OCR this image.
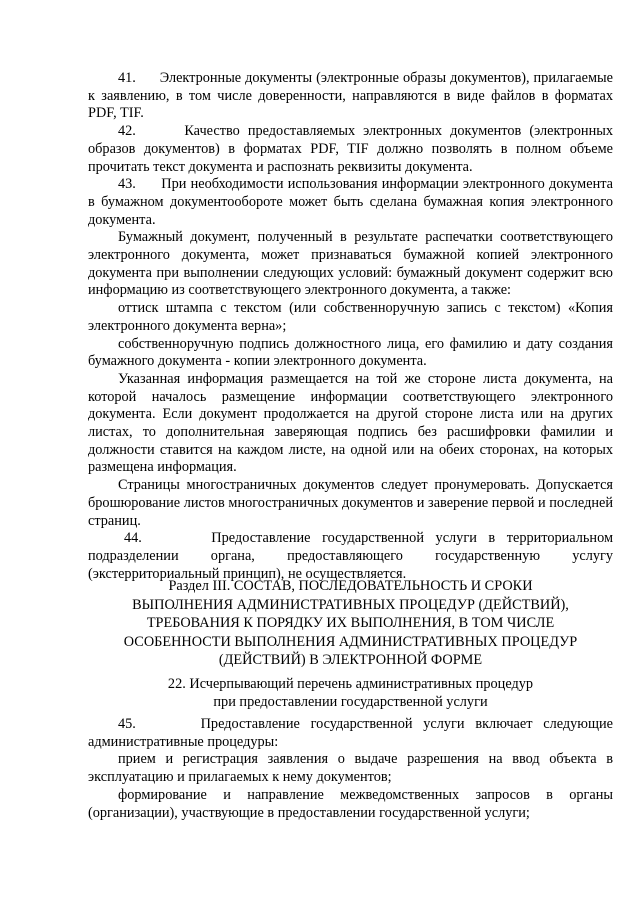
41.      Электронные документы (электронные образы документов), прилагаемые к заявлению, в том числе доверенности, направляются в виде файлов в форматах PDF, TIF.

42.      Качество предоставляемых электронных документов (электронных образов документов) в форматах PDF, TIF должно позволять в полном объеме прочитать текст документа и распознать реквизиты документа.

43.      При необходимости использования информации электронного документа в бумажном документообороте может быть сделана бумажная копия электронного документа.

Бумажный документ, полученный в результате распечатки соответствующего электронного документа, может признаваться бумажной копией электронного документа при выполнении следующих условий: бумажный документ содержит всю информацию из соответствующего электронного документа, а также:

оттиск штампа с текстом (или собственноручную запись с текстом) «Копия электронного документа верна»;

собственноручную подпись должностного лица, его фамилию и дату создания бумажного документа - копии электронного документа.

Указанная информация размещается на той же стороне листа документа, на которой началось размещение информации соответствующего электронного документа. Если документ продолжается на другой стороне листа или на других листах, то дополнительная заверяющая подпись без расшифровки фамилии и должности ставится на каждом листе, на одной или на обеих сторонах, на которых размещена информация.

Страницы многостраничных документов следует пронумеровать. Допускается брошюрование листов многостраничных документов и заверение первой и последней страниц.

44.      Предоставление государственной услуги в территориальном подразделении органа, предоставляющего государственную услугу (экстерриториальный принцип), не осуществляется.

Раздел III. СОСТАВ, ПОСЛЕДОВАТЕЛЬНОСТЬ И СРОКИ
ВЫПОЛНЕНИЯ АДМИНИСТРАТИВНЫХ ПРОЦЕДУР (ДЕЙСТВИЙ),
ТРЕБОВАНИЯ К ПОРЯДКУ ИХ ВЫПОЛНЕНИЯ, В ТОМ ЧИСЛЕ
ОСОБЕННОСТИ ВЫПОЛНЕНИЯ АДМИНИСТРАТИВНЫХ ПРОЦЕДУР
(ДЕЙСТВИЙ) В ЭЛЕКТРОННОЙ ФОРМЕ
22. Исчерпывающий перечень административных процедур
при предоставлении государственной услуги

45.      Предоставление государственной услуги включает следующие административные процедуры:

прием и регистрация заявления о выдаче разрешения на ввод объекта в эксплуатацию и прилагаемых к нему документов;

формирование и направление межведомственных запросов в органы (организации), участвующие в предоставлении государственной услуги;
